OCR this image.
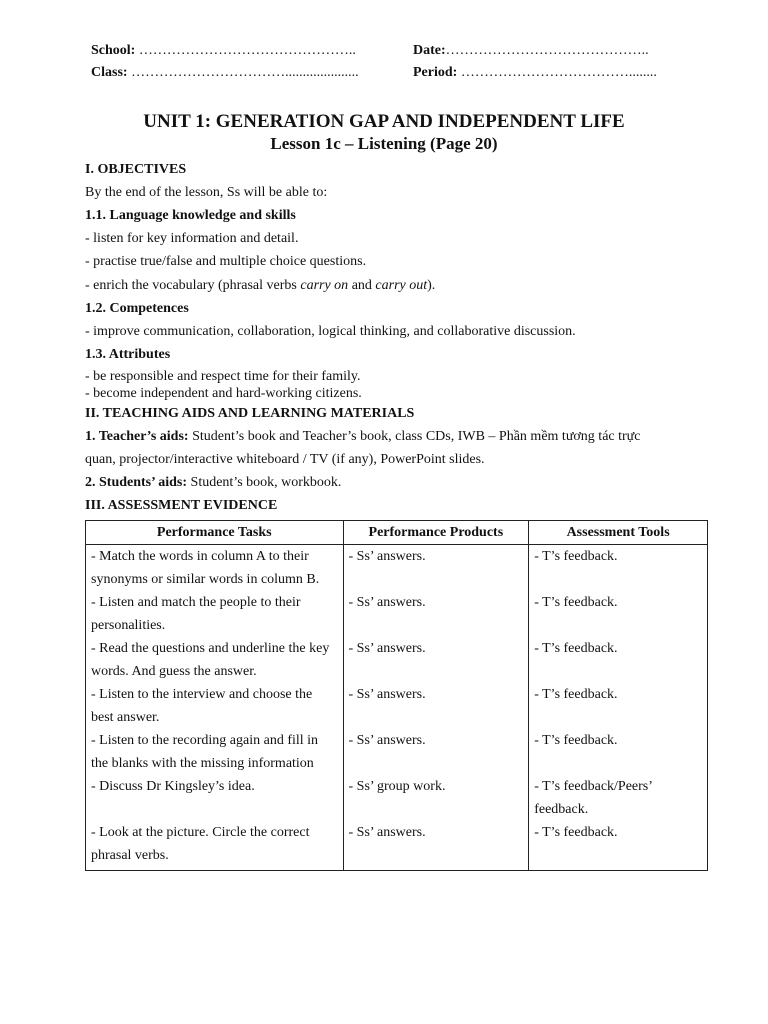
School: ………………………………………..	Date:……………………………………..
Class: …………………………….....................	Period: ………………………………........
UNIT 1: GENERATION GAP AND INDEPENDENT LIFE
Lesson 1c – Listening (Page 20)
I. OBJECTIVES
By the end of the lesson, Ss will be able to:
1.1. Language knowledge and skills
- listen for key information and detail.
- practise true/false and multiple choice questions.
- enrich the vocabulary (phrasal verbs carry on and carry out).
1.2. Competences
- improve communication, collaboration, logical thinking, and collaborative discussion.
1.3. Attributes
- be responsible and respect time for their family.
- become independent and hard-working citizens.
II. TEACHING AIDS AND LEARNING MATERIALS
1. Teacher’s aids: Student’s book and Teacher’s book, class CDs, IWB – Phần mềm tương tác trực
quan, projector/interactive whiteboard / TV (if any), PowerPoint slides.
2. Students’ aids: Student’s book, workbook.
III. ASSESSMENT EVIDENCE
Performance Tasks	Performance Products	Assessment Tools

- Match the words in column A to their synonyms or similar words in column B.	- Ss’ answers.	- T’s feedback.

- Listen and match the people to their personalities.	- Ss’ answers.	- T’s feedback.

- Read the questions and underline the key words. And guess the answer.	- Ss’ answers.	- T’s feedback.

- Listen to the interview and choose the best answer.	- Ss’ answers.	- T’s feedback.

- Listen to the recording again and fill in the blanks with the missing information	- Ss’ answers.	- T’s feedback.

- Discuss Dr Kingsley’s idea.	- Ss’ group work.	- T’s feedback/Peers’ feedback.

- Look at the picture. Circle the correct phrasal verbs.	- Ss’ answers.	- T’s feedback.
